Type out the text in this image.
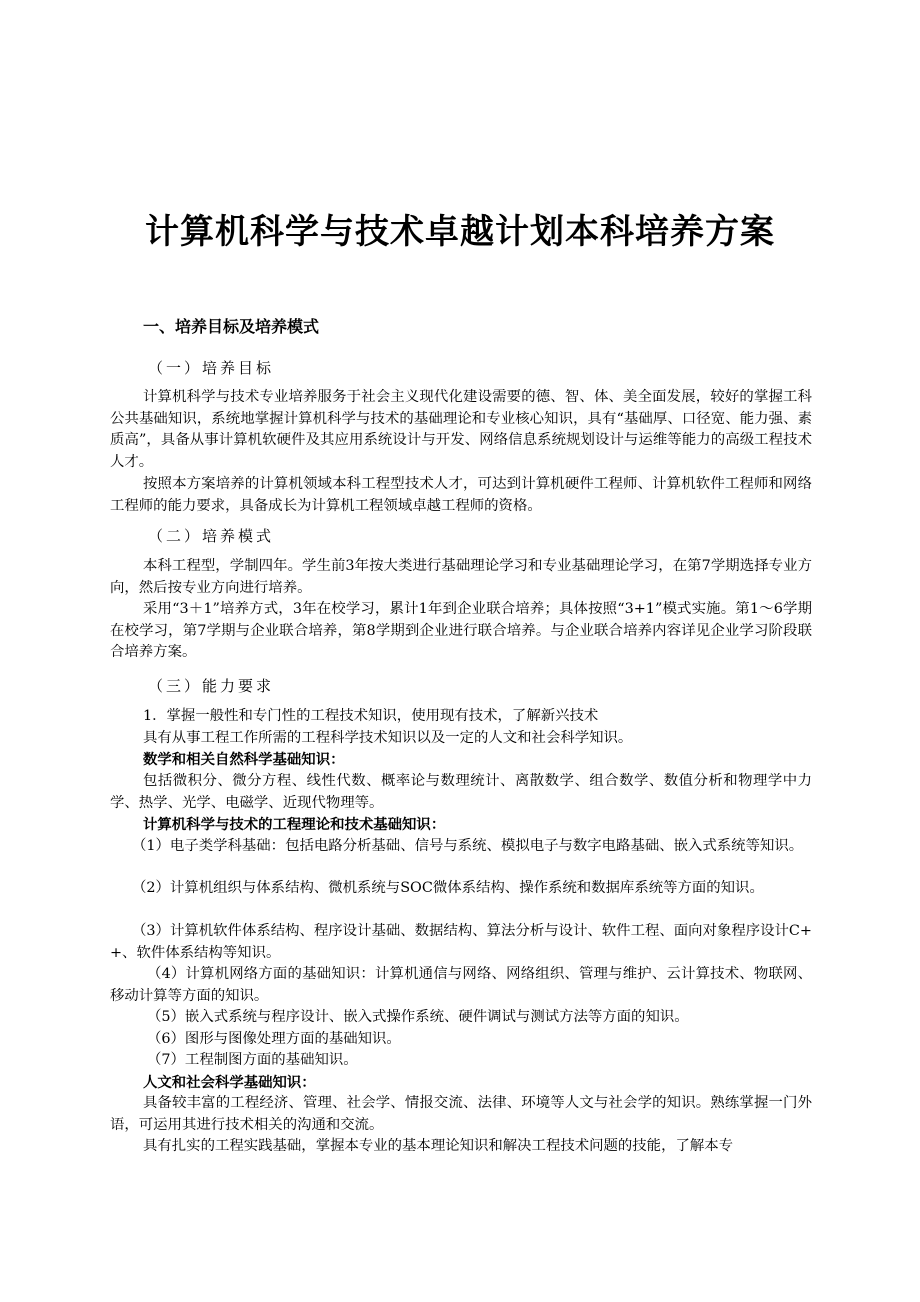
计算机科学与技术卓越计划本科培养方案
一、培养目标及培养模式
（一）培养目标

计算机科学与技术专业培养服务于社会主义现代化建设需要的德、智、体、美全面发展，较好的掌握工科公共基础知识，系统地掌握计算机科学与技术的基础理论和专业核心知识，具有“基础厚、口径宽、能力强、素质高”，具备从事计算机软硬件及其应用系统设计与开发、网络信息系统规划设计与运维等能力的高级工程技术人才。

按照本方案培养的计算机领域本科工程型技术人才，可达到计算机硬件工程师、计算机软件工程师和网络工程师的能力要求，具备成长为计算机工程领域卓越工程师的资格。

（二）培养模式

本科工程型，学制四年。学生前3年按大类进行基础理论学习和专业基础理论学习，在第7学期选择专业方向，然后按专业方向进行培养。

采用“3＋1”培养方式，3年在校学习，累计1年到企业联合培养；具体按照“3+1”模式实施。第1～6学期在校学习，第7学期与企业联合培养，第8学期到企业进行联合培养。与企业联合培养内容详见企业学习阶段联合培养方案。

（三）能力要求

1．掌握一般性和专门性的工程技术知识，使用现有技术，了解新兴技术

具有从事工程工作所需的工程科学技术知识以及一定的人文和社会科学知识。

数学和相关自然科学基础知识：

包括微积分、微分方程、线性代数、概率论与数理统计、离散数学、组合数学、数值分析和物理学中力学、热学、光学、电磁学、近现代物理等。

计算机科学与技术的工程理论和技术基础知识：

（1）电子类学科基础：包括电路分析基础、信号与系统、模拟电子与数字电路基础、嵌入式系统等知识。

（2）计算机组织与体系结构、微机系统与SOC微体系结构、操作系统和数据库系统等方面的知识。

（3）计算机软件体系结构、程序设计基础、数据结构、算法分析与设计、软件工程、面向对象程序设计C++、软件体系结构等知识。

（4）计算机网络方面的基础知识：计算机通信与网络、网络组织、管理与维护、云计算技术、物联网、移动计算等方面的知识。

（5）嵌入式系统与程序设计、嵌入式操作系统、硬件调试与测试方法等方面的知识。

（6）图形与图像处理方面的基础知识。

（7）工程制图方面的基础知识。

人文和社会科学基础知识：

具备较丰富的工程经济、管理、社会学、情报交流、法律、环境等人文与社会学的知识。熟练掌握一门外语，可运用其进行技术相关的沟通和交流。

具有扎实的工程实践基础，掌握本专业的基本理论知识和解决工程技术问题的技能，了解本专
